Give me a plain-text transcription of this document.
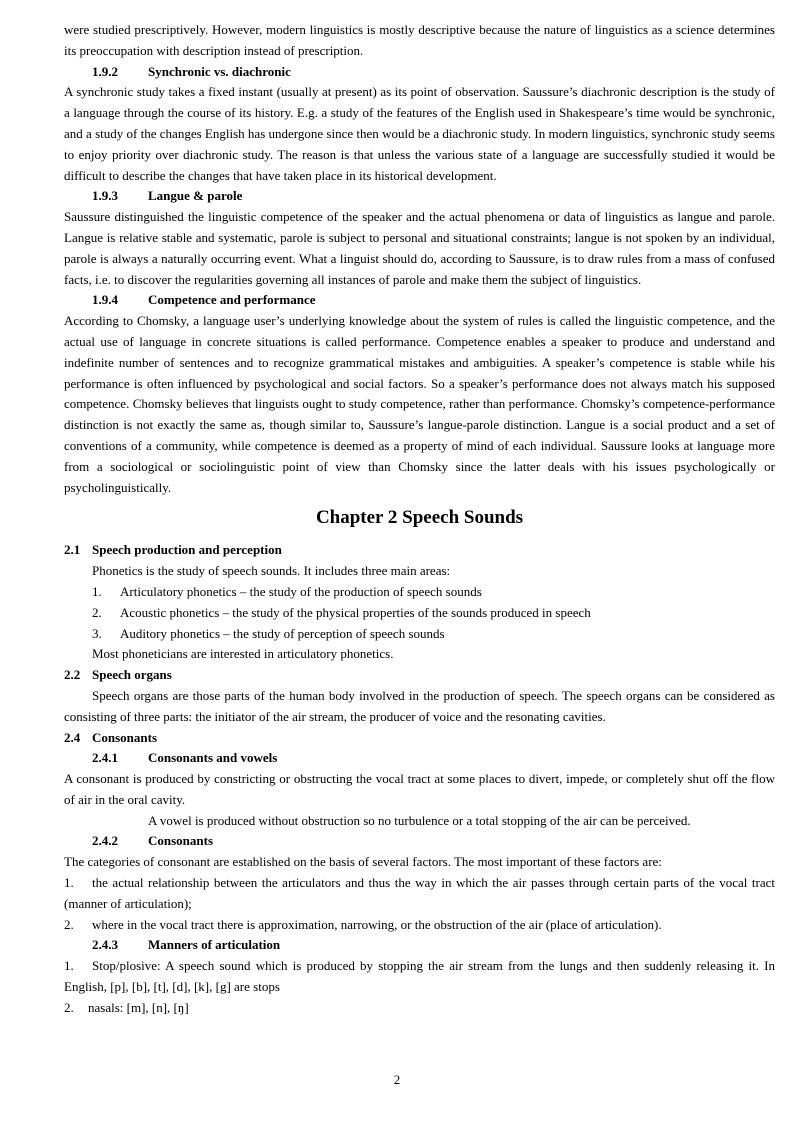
were studied prescriptively. However, modern linguistics is mostly descriptive because the nature of linguistics as a science determines its preoccupation with description instead of prescription.

1.9.2 Synchronic vs. diachronic

A synchronic study takes a fixed instant (usually at present) as its point of observation. Saussure’s diachronic description is the study of a language through the course of its history. E.g. a study of the features of the English used in Shakespeare’s time would be synchronic, and a study of the changes English has undergone since then would be a diachronic study. In modern linguistics, synchronic study seems to enjoy priority over diachronic study. The reason is that unless the various state of a language are successfully studied it would be difficult to describe the changes that have taken place in its historical development.

1.9.3 Langue & parole

Saussure distinguished the linguistic competence of the speaker and the actual phenomena or data of linguistics as langue and parole. Langue is relative stable and systematic, parole is subject to personal and situational constraints; langue is not spoken by an individual, parole is always a naturally occurring event. What a linguist should do, according to Saussure, is to draw rules from a mass of confused facts, i.e. to discover the regularities governing all instances of parole and make them the subject of linguistics.

1.9.4 Competence and performance

According to Chomsky, a language user’s underlying knowledge about the system of rules is called the linguistic competence, and the actual use of language in concrete situations is called performance. Competence enables a speaker to produce and understand and indefinite number of sentences and to recognize grammatical mistakes and ambiguities. A speaker’s competence is stable while his performance is often influenced by psychological and social factors. So a speaker’s performance does not always match his supposed competence. Chomsky believes that linguists ought to study competence, rather than performance. Chomsky’s competence-performance distinction is not exactly the same as, though similar to, Saussure’s langue-parole distinction. Langue is a social product and a set of conventions of a community, while competence is deemed as a property of mind of each individual. Saussure looks at language more from a sociological or sociolinguistic point of view than Chomsky since the latter deals with his issues psychologically or psycholinguistically.

Chapter 2 Speech Sounds
2.1 Speech production and perception

Phonetics is the study of speech sounds. It includes three main areas:

1. Articulatory phonetics – the study of the production of speech sounds
2. Acoustic phonetics – the study of the physical properties of the sounds produced in speech
3. Auditory phonetics – the study of perception of speech sounds

Most phoneticians are interested in articulatory phonetics.

2.2 Speech organs

Speech organs are those parts of the human body involved in the production of speech. The speech organs can be considered as consisting of three parts: the initiator of the air stream, the producer of voice and the resonating cavities.

2.4 Consonants
2.4.1 Consonants and vowels

A consonant is produced by constricting or obstructing the vocal tract at some places to divert, impede, or completely shut off the flow of air in the oral cavity.

A vowel is produced without obstruction so no turbulence or a total stopping of the air can be perceived.

2.4.2 Consonants

The categories of consonant are established on the basis of several factors. The most important of these factors are:

1. the actual relationship between the articulators and thus the way in which the air passes through certain parts of the vocal tract (manner of articulation);

2. where in the vocal tract there is approximation, narrowing, or the obstruction of the air (place of articulation).

2.4.3 Manners of articulation

1. Stop/plosive: A speech sound which is produced by stopping the air stream from the lungs and then suddenly releasing it. In English, [p], [b], [t], [d], [k], [g] are stops

2. nasals: [m], [n], [ŋ]

2
